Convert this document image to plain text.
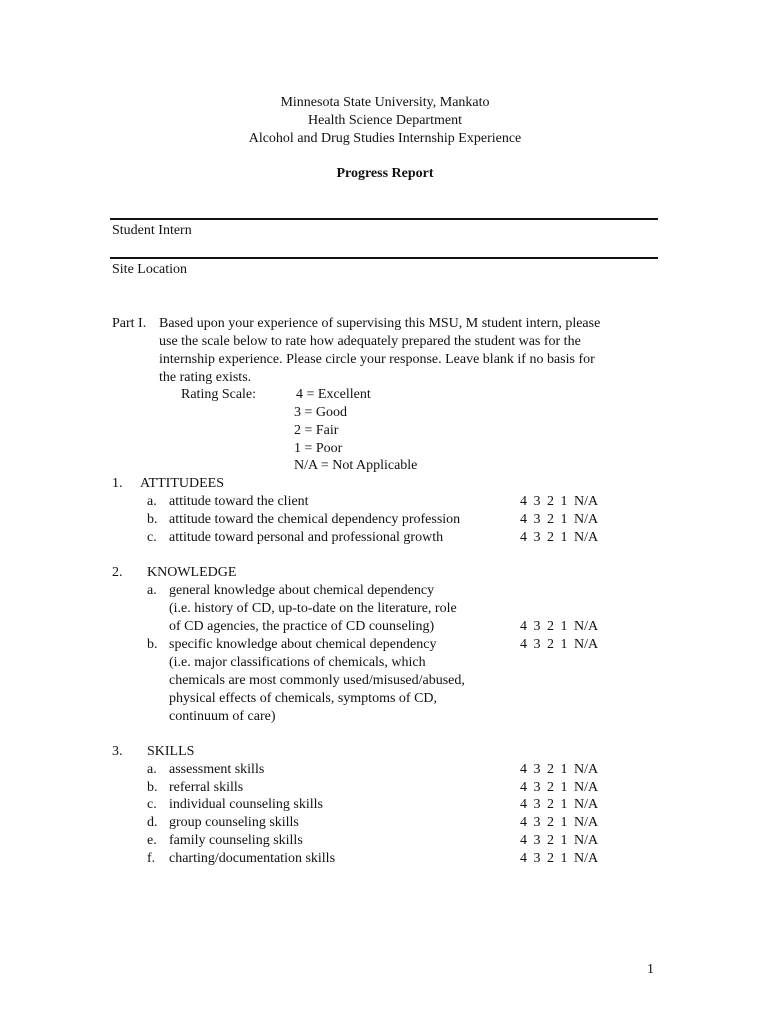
Minnesota State University, Mankato
Health Science Department
Alcohol and Drug Studies Internship Experience
Progress Report
Student Intern
Site Location
Part I. Based upon your experience of supervising this MSU, M student intern, please
use the scale below to rate how adequately prepared the student was for the
internship experience. Please circle your response. Leave blank if no basis for
the rating exists.
Rating Scale:	4 = Excellent
3 = Good
2 = Fair
1 = Poor
N/A = Not Applicable
1. ATTITUDEES
a. attitude toward the client	4 3 2 1 N/A
b. attitude toward the chemical dependency profession	4 3 2 1 N/A
c. attitude toward personal and professional growth	4 3 2 1 N/A
2. KNOWLEDGE
a. general knowledge about chemical dependency
(i.e. history of CD, up-to-date on the literature, role
of CD agencies, the practice of CD counseling)	4 3 2 1 N/A
b. specific knowledge about chemical dependency	4 3 2 1 N/A
(i.e. major classifications of chemicals, which
chemicals are most commonly used/misused/abused,
physical effects of chemicals, symptoms of CD,
continuum of care)
3. SKILLS
a. assessment skills	4 3 2 1 N/A
b. referral skills	4 3 2 1 N/A
c. individual counseling skills	4 3 2 1 N/A
d. group counseling skills	4 3 2 1 N/A
e. family counseling skills	4 3 2 1 N/A
f. charting/documentation skills	4 3 2 1 N/A
1
